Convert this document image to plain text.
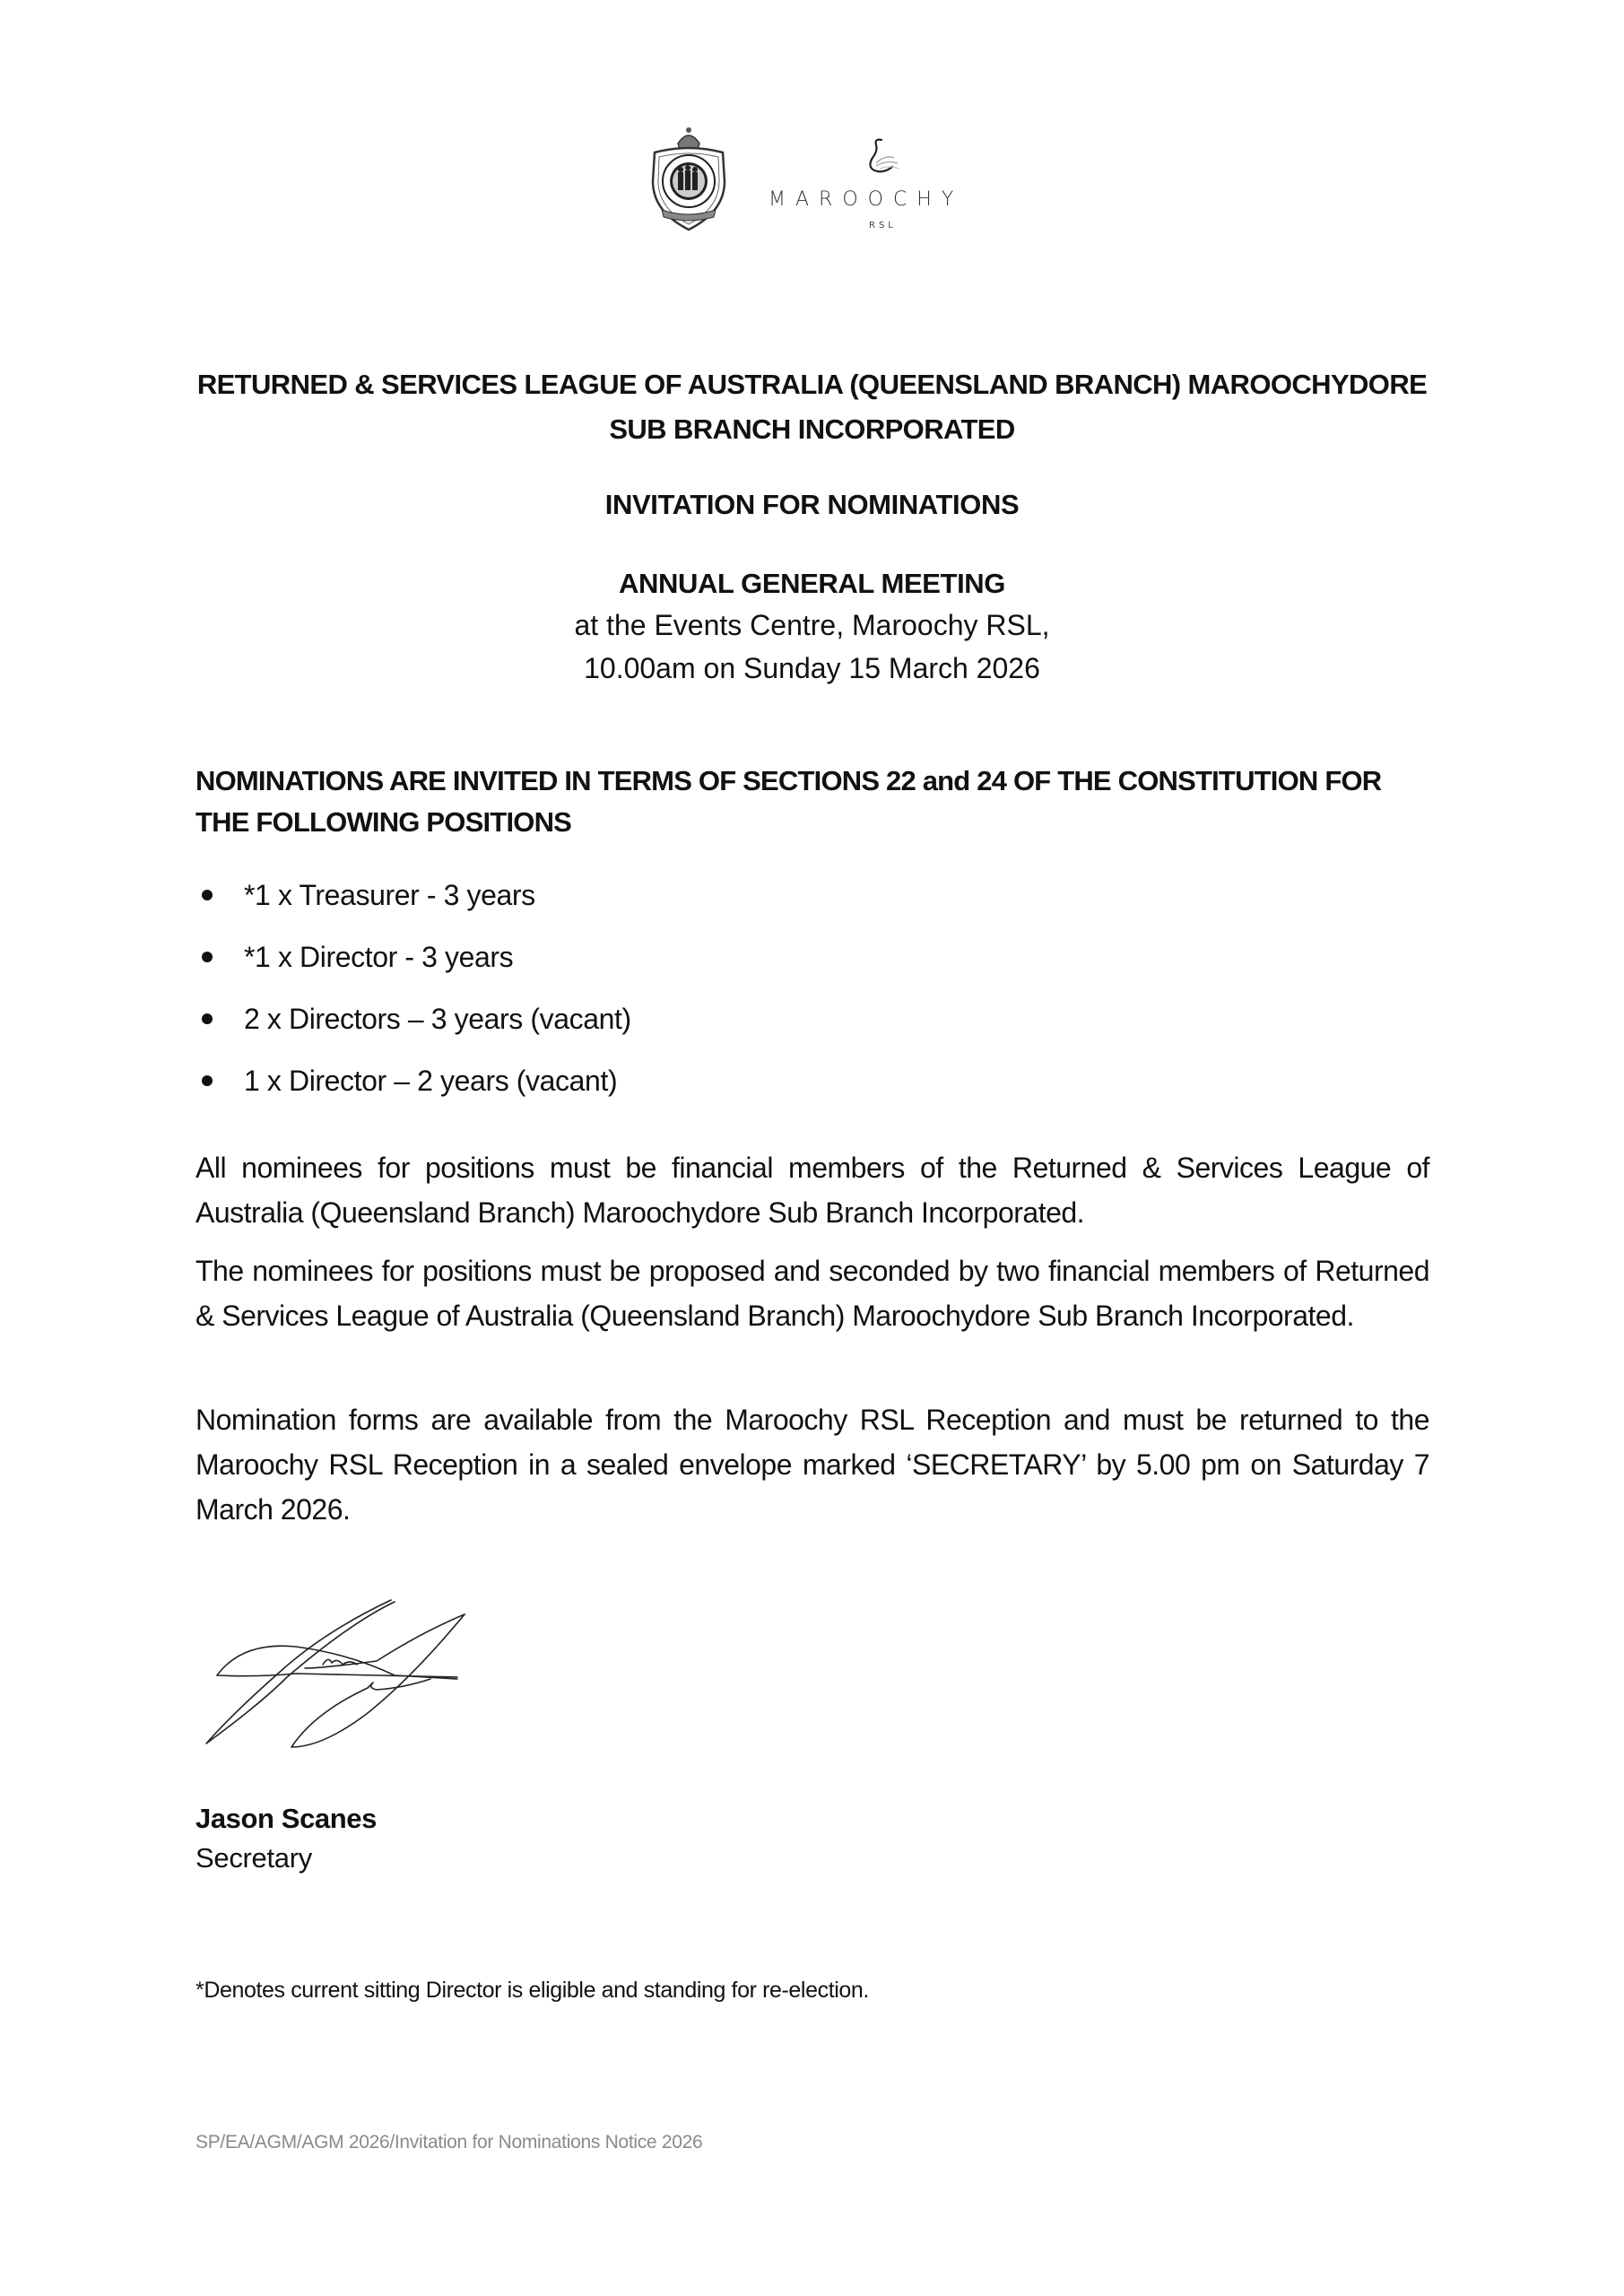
MAROOCHY
RSL
RETURNED & SERVICES LEAGUE OF AUSTRALIA (QUEENSLAND BRANCH) MAROOCHYDORE
SUB BRANCH INCORPORATED
INVITATION FOR NOMINATIONS
ANNUAL GENERAL MEETING
at the Events Centre, Maroochy RSL,
10.00am on Sunday 15 March 2026
NOMINATIONS ARE INVITED IN TERMS OF SECTIONS 22 and 24 OF THE CONSTITUTION FOR
THE FOLLOWING POSITIONS
*1 x Treasurer - 3 years
*1 x Director - 3 years
2 x Directors – 3 years (vacant)
1 x Director – 2 years (vacant)

All nominees for positions must be financial members of the Returned & Services League of Australia (Queensland Branch) Maroochydore Sub Branch Incorporated.

The nominees for positions must be proposed and seconded by two financial members of Returned & Services League of Australia (Queensland Branch) Maroochydore Sub Branch Incorporated.

Nomination forms are available from the Maroochy RSL Reception and must be returned to the Maroochy RSL Reception in a sealed envelope marked ‘SECRETARY’ by 5.00 pm on Saturday 7 March 2026.

Jason Scanes
Secretary
*Denotes current sitting Director is eligible and standing for re-election.
SP/EA/AGM/AGM 2026/Invitation for Nominations Notice 2026
